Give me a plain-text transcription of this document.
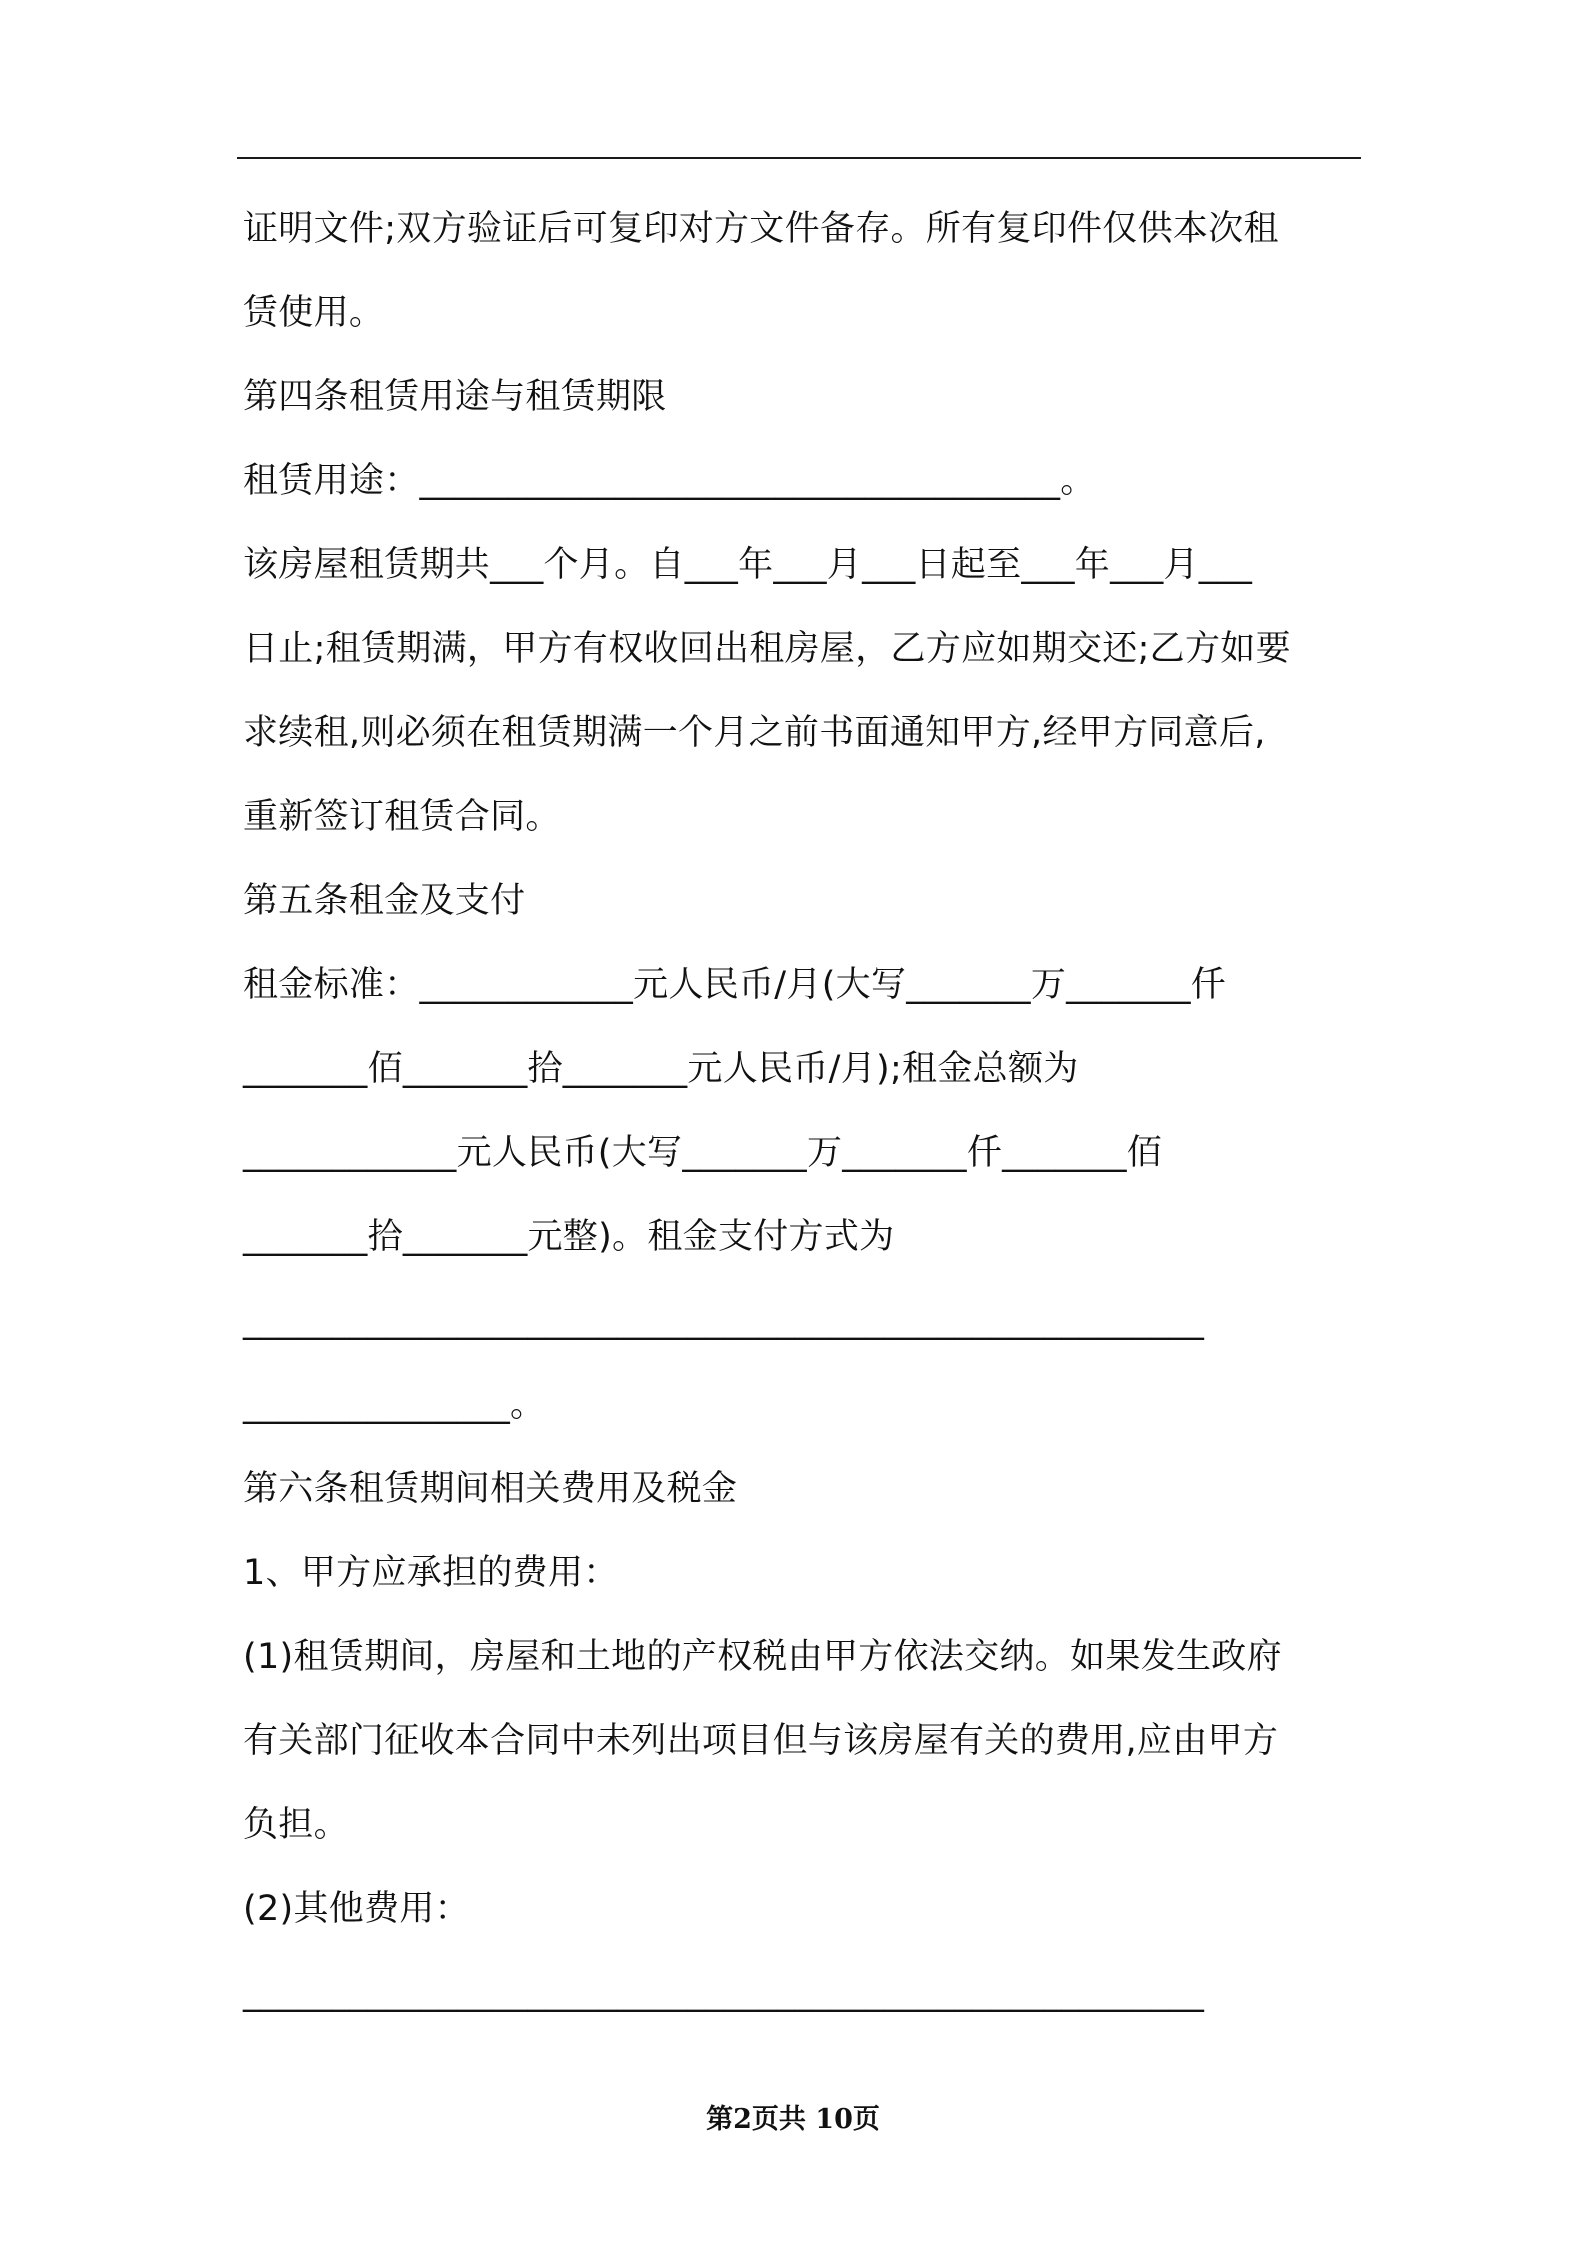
证明文件;双方验证后可复印对方文件备存。所有复印件仅供本次租
赁使用。
第四条租赁用途与租赁期限
租赁用途：____________________________________。
该房屋租赁期共___个月。自___年___月___日起至___年___月___
日止;租赁期满，甲方有权收回出租房屋，乙方应如期交还;乙方如要
求续租,则必须在租赁期满一个月之前书面通知甲方,经甲方同意后,
重新签订租赁合同。
第五条租金及支付
租金标准：____________元人民币/月(大写_______万_______仟
_______佰_______拾_______元人民币/月);租金总额为
____________元人民币(大写_______万_______仟_______佰
_______拾_______元整)。租金支付方式为
______________________________________________________
_______________。
第六条租赁期间相关费用及税金
1、甲方应承担的费用：
(1)租赁期间，房屋和土地的产权税由甲方依法交纳。如果发生政府
有关部门征收本合同中未列出项目但与该房屋有关的费用,应由甲方
负担。
(2)其他费用：
______________________________________________________
第2页共 10页
